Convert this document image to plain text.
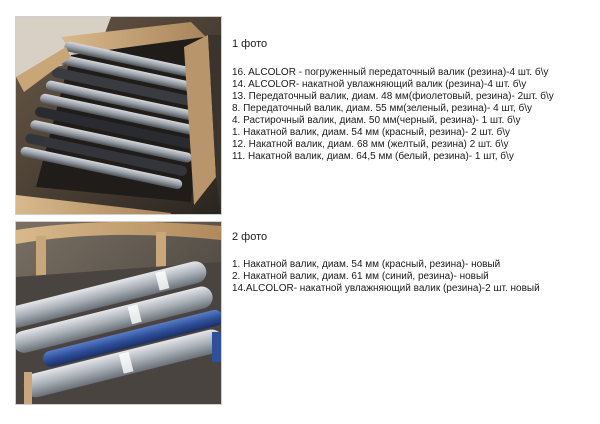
1 фото
16. ALCOLOR - погруженный передаточный валик (резина)-4 шт. б\у
14. ALCOLOR- накатной увлажняющий валик (резина)-4 шт. б\у
13. Передаточный валик, диам. 48 мм(фиолетовый, резина)- 2шт. б\у
8. Передаточный валик, диам. 55 мм(зеленый, резина)- 4 шт, б\у
4. Растирочный валик, диам. 50 мм(черный, резина)- 1 шт. б\у
1. Накатной валик, диам. 54 мм (красный, резина)- 2 шт. б\у
12. Накатной валик, диам. 68 мм (желтый, резина) 2 шт. б\у
11. Накатной валик, диам. 64,5 мм (белый, резина)- 1 шт, б\у
2 фото
1. Накатной валик, диам. 54 мм (красный, резина)- новый
2. Накатной валик, диам. 61 мм (синий, резина)- новый
14.ALCOLOR- накатной увлажняющий валик (резина)-2 шт. новый
